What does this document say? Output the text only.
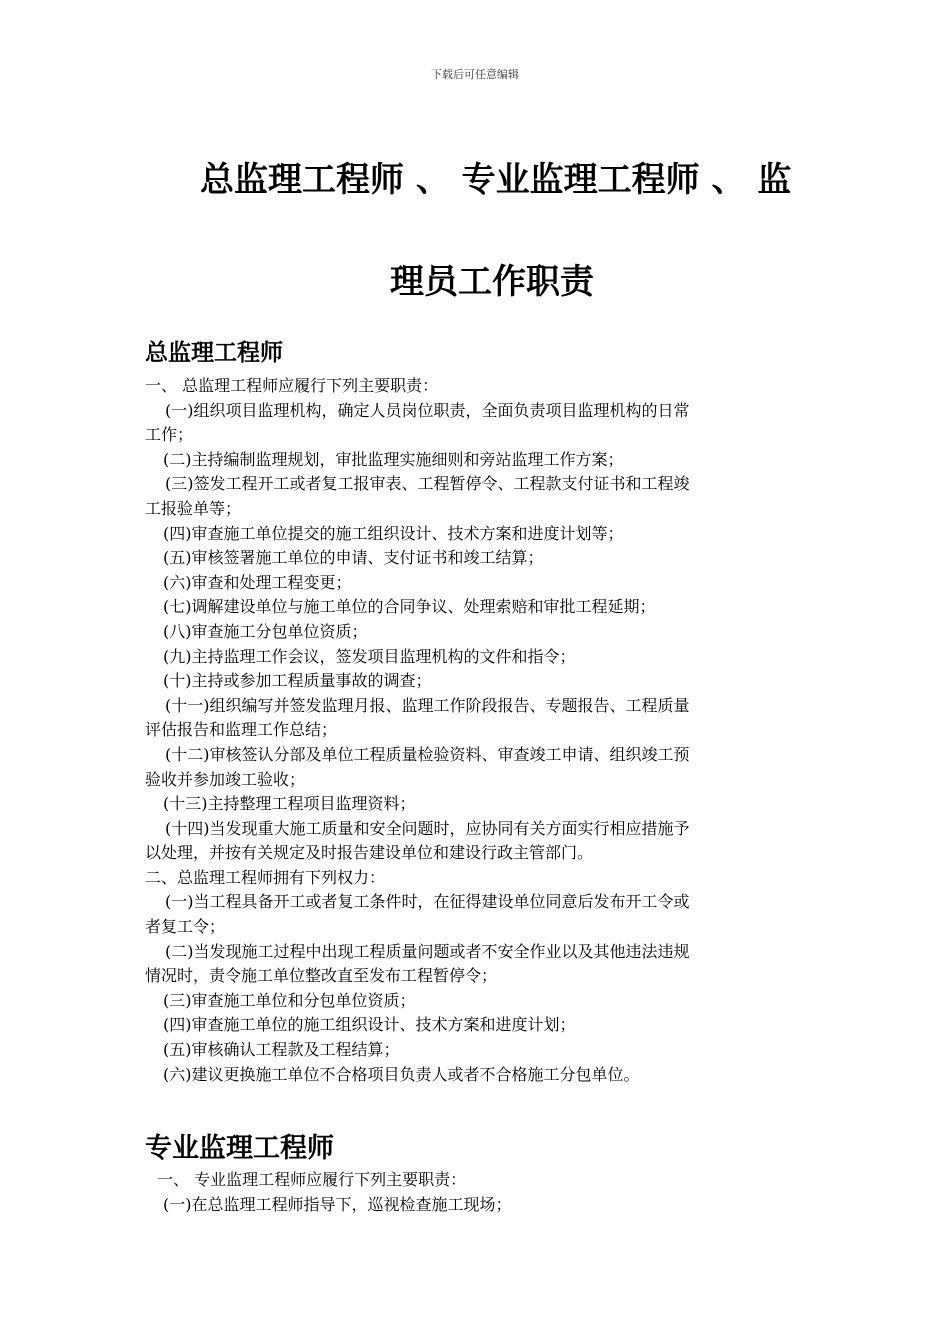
下载后可任意编辑
总监理工程师 、 专业监理工程师 、 监
理员工作职责
总监理工程师
一、 总监理工程师应履行下列主要职责：
(一)组织项目监理机构，确定人员岗位职责，全面负责项目监理机构的日常
工作；
(二)主持编制监理规划，审批监理实施细则和旁站监理工作方案；
(三)签发工程开工或者复工报审表、工程暂停令、工程款支付证书和工程竣
工报验单等；
(四)审查施工单位提交的施工组织设计、技术方案和进度计划等；
(五)审核签署施工单位的申请、支付证书和竣工结算；
(六)审查和处理工程变更；
(七)调解建设单位与施工单位的合同争议、处理索赔和审批工程延期；
(八)审查施工分包单位资质；
(九)主持监理工作会议，签发项目监理机构的文件和指令；
(十)主持或参加工程质量事故的调查；
(十一)组织编写并签发监理月报、监理工作阶段报告、专题报告、工程质量
评估报告和监理工作总结；
(十二)审核签认分部及单位工程质量检验资料、审查竣工申请、组织竣工预
验收并参加竣工验收；
(十三)主持整理工程项目监理资料；
(十四)当发现重大施工质量和安全问题时，应协同有关方面实行相应措施予
以处理，并按有关规定及时报告建设单位和建设行政主管部门。
二、总监理工程师拥有下列权力：
(一)当工程具备开工或者复工条件时，在征得建设单位同意后发布开工令或
者复工令；
(二)当发现施工过程中出现工程质量问题或者不安全作业以及其他违法违规
情况时，责令施工单位整改直至发布工程暂停令；
(三)审查施工单位和分包单位资质；
(四)审查施工单位的施工组织设计、技术方案和进度计划；
(五)审核确认工程款及工程结算；
(六)建议更换施工单位不合格项目负责人或者不合格施工分包单位。
专业监理工程师
一、 专业监理工程师应履行下列主要职责：
(一)在总监理工程师指导下，巡视检查施工现场；
